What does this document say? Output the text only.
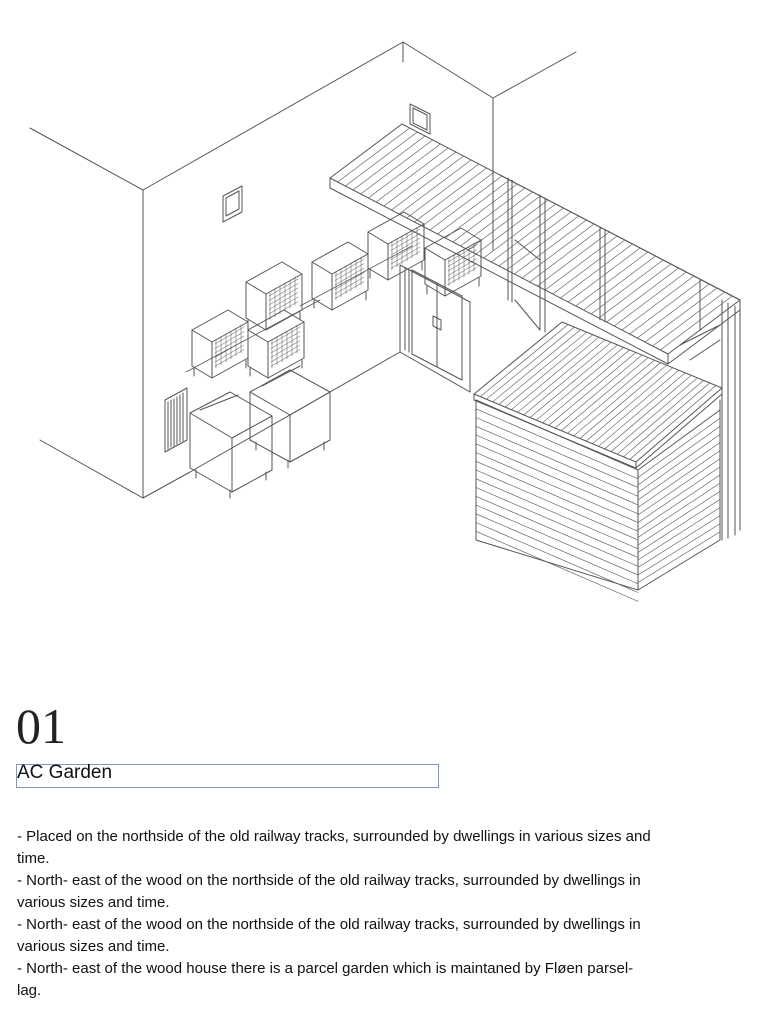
01
AC Garden
- Placed on the northside of the old railway tracks, surrounded by dwellings in various sizes and time.
- North- east of the wood on the northside of the old railway tracks, surrounded by dwellings in various sizes and time.
- North- east of the wood on the northside of the old railway tracks, surrounded by dwellings in various sizes and time.
- North- east of the wood house there is a parcel garden which is maintaned by Fløen parsel-lag.
